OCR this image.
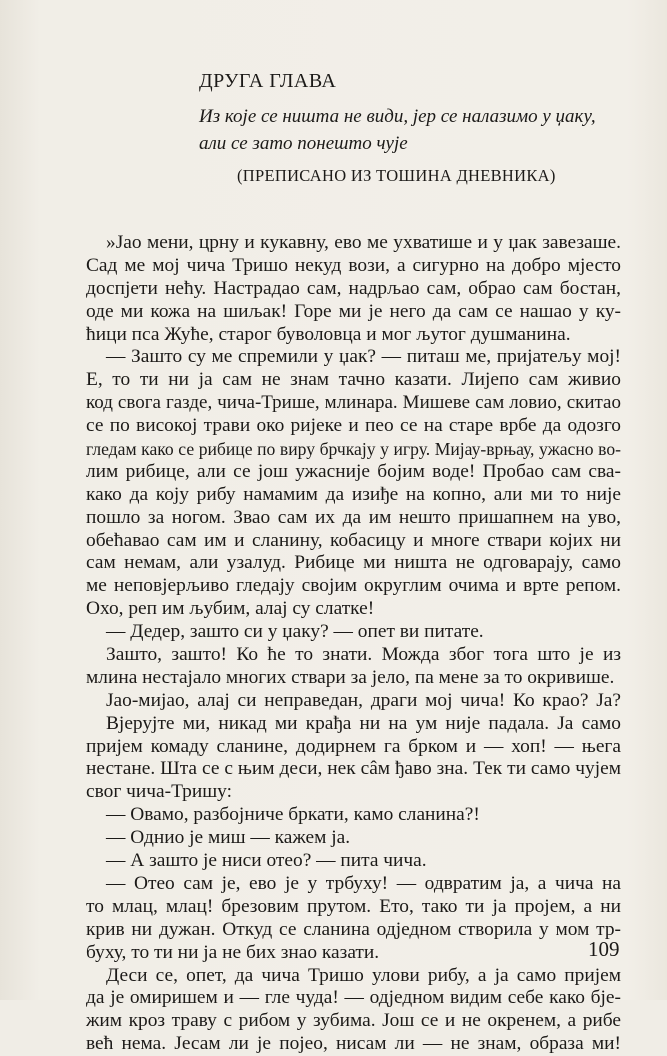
ДРУГА ГЛАВА
Из које се ништа не види, јер се налазимо у џаку,
али се зато понешто чује
(ПРЕПИСАНО ИЗ ТОШИНА ДНЕВНИКА)
»Јао мени, црну и кукавну, ево ме ухватише и у џак завезаше.
Сад ме мој чича Тришо некуд вози, а сигурно на добро мјесто
доспјети нећу. Настрадао сам, надрљао сам, обрао сам бостан,
оде ми кожа на шиљак! Горе ми је него да сам се нашао у ку-
ћици пса Жуће, старог буволовца и мог љутог душманина.
— Зашто су ме спремили у џак? — питаш ме, пријатељу мој!
Е, то ти ни ја сам не знам тачно казати. Лијепо сам живио
код свога газде, чича-Трише, млинара. Мишеве сам ловио, скитао
се по високој трави око ријеке и пео се на старе врбе да одозго
гледам како се рибице по виру брчкају у игру. Мијау-врњау, ужасно во-
лим рибице, али се још ужасније бојим воде! Пробао сам сва-
како да коју рибу намамим да изиђе на копно, али ми то није
пошло за ногом. Звао сам их да им нешто пришапнем на уво,
обећавао сам им и сланину, кобасицу и многе ствари којих ни
сам немам, али узалуд. Рибице ми ништа не одговарају, само
ме неповјерљиво гледају својим округлим очима и врте репом.
Охо, реп им љубим, алај су слатке!
— Дедер, зашто си у џаку? — опет ви питате.
Зашто, зашто! Ко ће то знати. Можда због тога што је из
млина нестајало многих ствари за јело, па мене за то окривише.
Јао-мијао, алај си неправедан, драги мој чича! Ко крао? Ја?
Вјерујте ми, никад ми крађа ни на ум није падала. Ја само
пријем комаду сланине, додирнем га брком и — хоп! — њега
нестане. Шта се с њим деси, нек сâм ђаво зна. Тек ти само чујем
свог чича-Тришу:
— Овамо, разбојниче бркати, камо сланина?!
— Однио је миш — кажем ја.
— А зашто је ниси отео? — пита чича.
— Отео сам је, ево је у трбуху! — одвратим ја, а чича на
то млац, млац! брезовим прутом. Ето, тако ти ја пројем, а ни
крив ни дужан. Откуд се сланина одједном створила у мом тр-
буху, то ти ни ја не бих знао казати.
Деси се, опет, да чича Тришо улови рибу, а ја само пријем
да је омиришем и — гле чуда! — одједном видим себе како бје-
жим кроз траву с рибом у зубима. Још се и не окренем, а рибе
већ нема. Јесам ли је појео, нисам ли — не знам, образа ми!
109
